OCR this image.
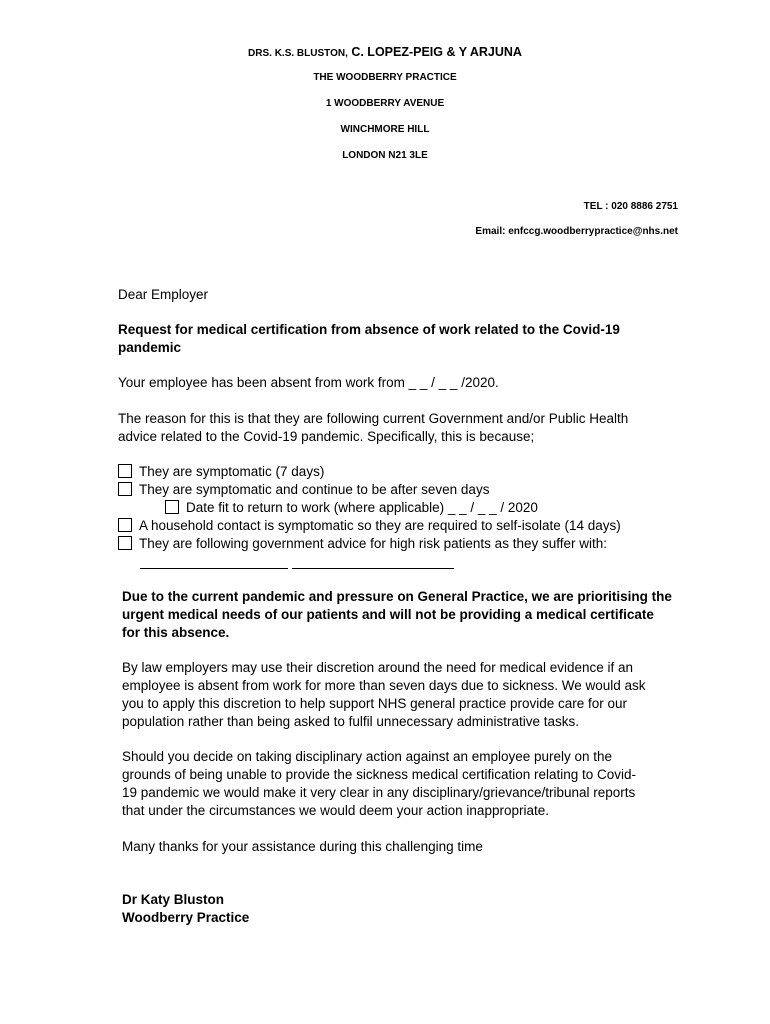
DRS. K.S. BLUSTON, C. LOPEZ-PEIG & Y ARJUNA
THE WOODBERRY PRACTICE
1 WOODBERRY AVENUE
WINCHMORE HILL
LONDON N21 3LE
TEL : 020 8886 2751
Email: enfccg.woodberrypractice@nhs.net
Dear Employer
Request for medical certification from absence of work related to the Covid-19
pandemic
Your employee has been absent from work from _ _ / _ _ /2020.
The reason for this is that they are following current Government and/or Public Health
advice related to the Covid-19 pandemic. Specifically, this is because;
They are symptomatic (7 days)
They are symptomatic and continue to be after seven days
Date fit to return to work (where applicable) _ _ / _ _ / 2020
A household contact is symptomatic so they are required to self-isolate (14 days)
They are following government advice for high risk patients as they suffer with:
Due to the current pandemic and pressure on General Practice, we are prioritising the
urgent medical needs of our patients and will not be providing a medical certificate
for this absence.
By law employers may use their discretion around the need for medical evidence if an
employee is absent from work for more than seven days due to sickness. We would ask
you to apply this discretion to help support NHS general practice provide care for our
population rather than being asked to fulfil unnecessary administrative tasks.
Should you decide on taking disciplinary action against an employee purely on the
grounds of being unable to provide the sickness medical certification relating to Covid-
19 pandemic we would make it very clear in any disciplinary/grievance/tribunal reports
that under the circumstances we would deem your action inappropriate.
Many thanks for your assistance during this challenging time
Dr Katy Bluston
Woodberry Practice
